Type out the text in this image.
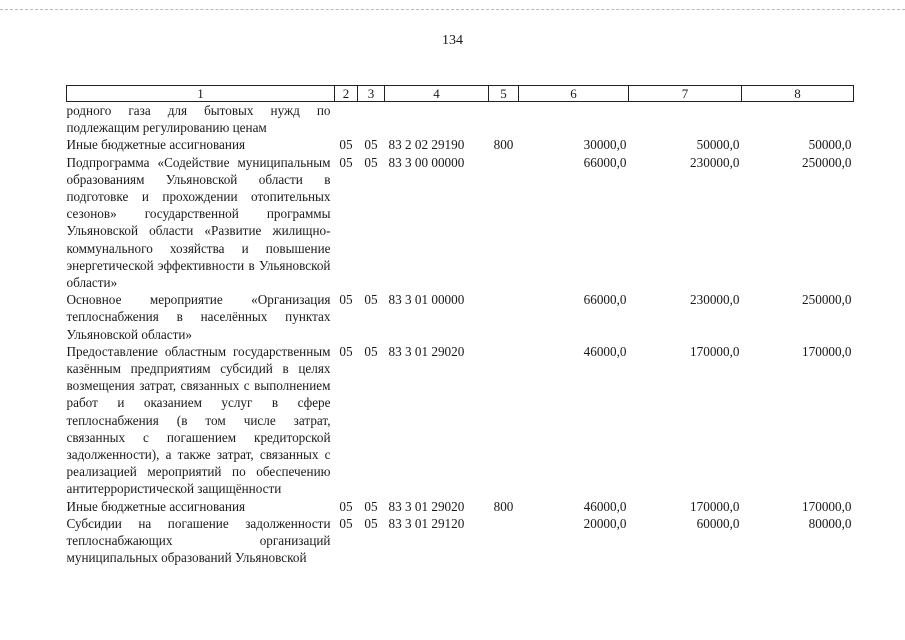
134
1	2	3	4	5	6	7	8
родного газа для бытовых нужд по подлежащим регулированию ценам							
Иные бюджетные ассигнования	05	05	83 2 02 29190	800	30000,0	50000,0	50000,0
Подпрограмма «Содействие муниципальным образованиям Ульяновской области в подготовке и прохождении отопительных сезонов» государственной программы Ульяновской области «Развитие жилищно-коммунального хозяйства и повышение энергетической эффективности в Ульяновской области»	05	05	83 3 00 00000		66000,0	230000,0	250000,0
Основное мероприятие «Организация теплоснабжения в населённых пунктах Ульяновской области»	05	05	83 3 01 00000		66000,0	230000,0	250000,0
Предоставление областным государственным казённым предприятиям субсидий в целях возмещения затрат, связанных с выполнением работ и оказанием услуг в сфере теплоснабжения (в том числе затрат, связанных с погашением кредиторской задолженности), а также затрат, связанных с реализацией мероприятий по обеспечению антитеррористической защищённости	05	05	83 3 01 29020		46000,0	170000,0	170000,0
Иные бюджетные ассигнования	05	05	83 3 01 29020	800	46000,0	170000,0	170000,0
Субсидии на погашение задолженности теплоснабжающих организаций муниципальных образований Ульяновской	05	05	83 3 01 29120		20000,0	60000,0	80000,0
